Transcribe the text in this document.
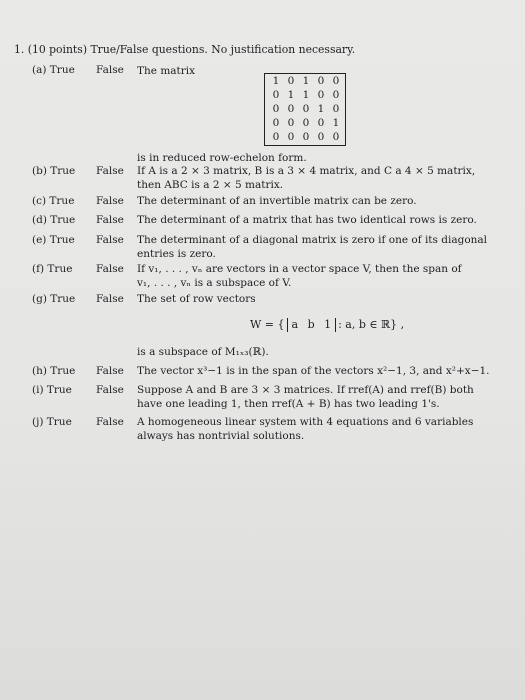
1. (10 points) True/False questions. No justification necessary.
(a) True False The matrix
1 0 1 0 0
0 1 1 0 0
0 0 0 1 0
0 0 0 0 1
0 0 0 0 0
is in reduced row-echelon form.
(b) True False If A is a 2 × 3 matrix, B is a 3 × 4 matrix, and C a 4 × 5 matrix,
then ABC is a 2 × 5 matrix.
(c) True False The determinant of an invertible matrix can be zero.
(d) True False The determinant of a matrix that has two identical rows is zero.
(e) True False The determinant of a diagonal matrix is zero if one of its diagonal
entries is zero.
(f) True False If v₁, . . . , vₙ are vectors in a vector space V, then the span of
v₁, . . . , vₙ is a subspace of V.
(g) True False The set of row vectors
W = { a b 1 : a, b ∈ ℝ} ,
is a subspace of M₁ₓ₃(ℝ).
(h) True False The vector x³−1 is in the span of the vectors x²−1, 3, and x²+x−1.
(i) True False Suppose A and B are 3 × 3 matrices. If rref(A) and rref(B) both
have one leading 1, then rref(A + B) has two leading 1's.
(j) True False A homogeneous linear system with 4 equations and 6 variables
always has nontrivial solutions.
